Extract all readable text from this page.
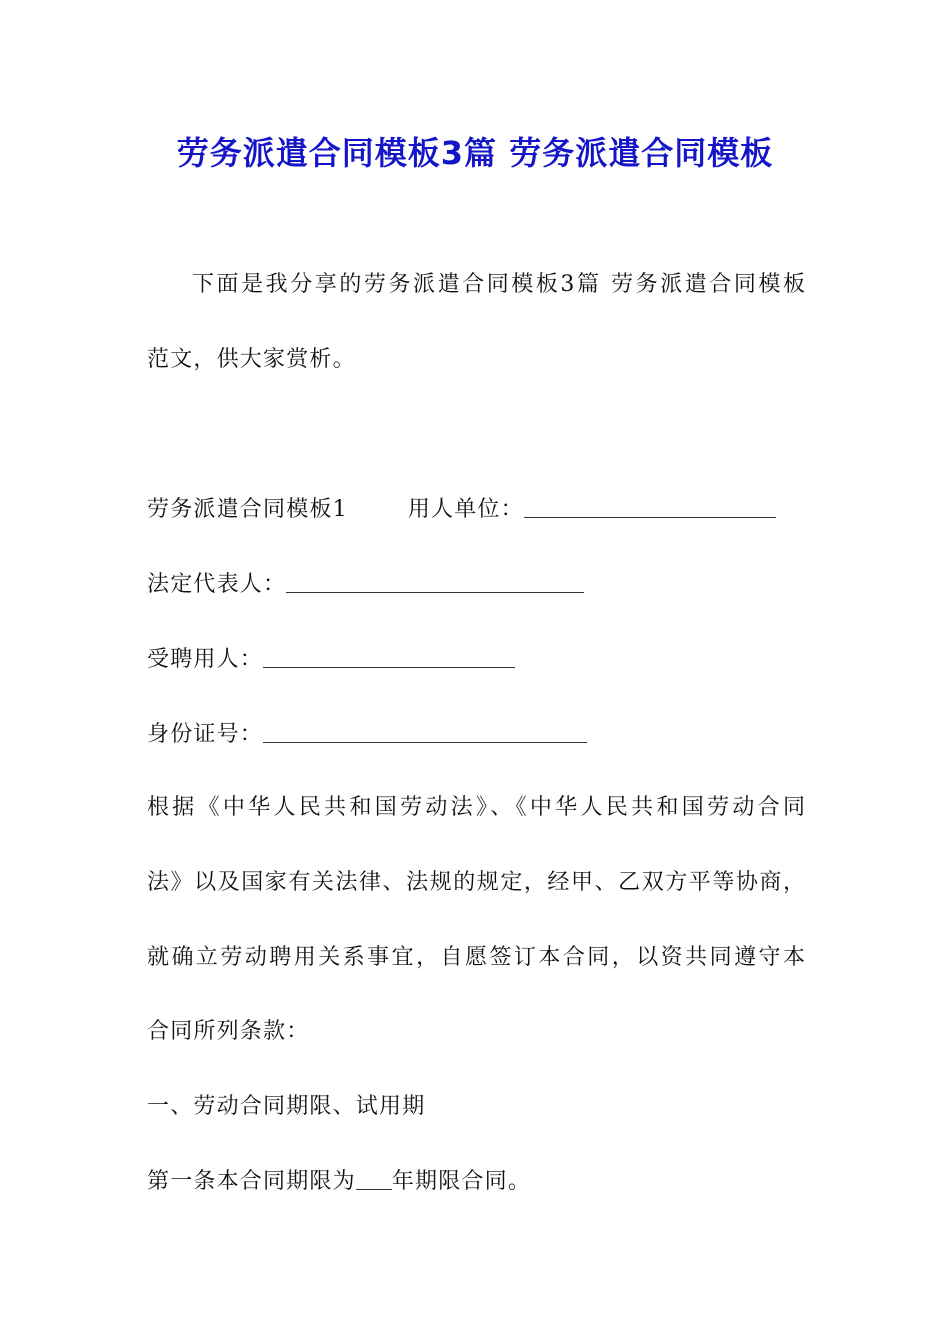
劳务派遣合同模板3篇 劳务派遣合同模板
下面是我分享的劳务派遣合同模板3篇 劳务派遣合同模板
范文，供大家赏析。
劳务派遣合同模板1	用人单位：
法定代表人：
受聘用人：
身份证号：
根据《中华人民共和国劳动法》、《中华人民共和国劳动合同
法》以及国家有关法律、法规的规定，经甲、乙双方平等协商，
就确立劳动聘用关系事宜，自愿签订本合同，以资共同遵守本
合同所列条款：
一、劳动合同期限、试用期
第一条本合同期限为 年期限合同。
